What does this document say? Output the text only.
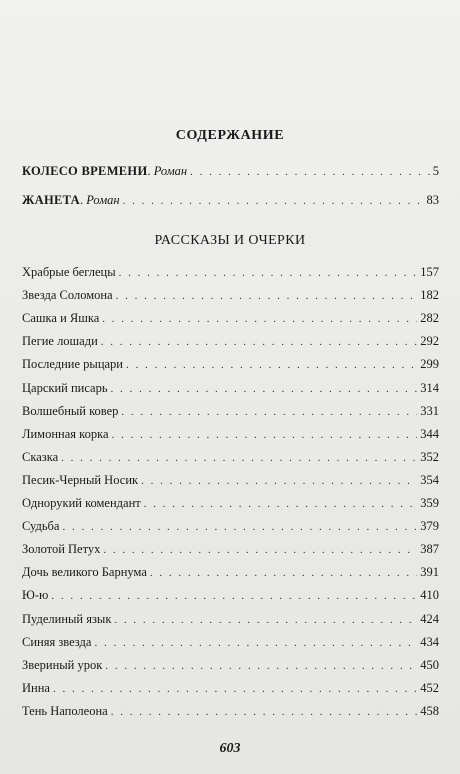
СОДЕРЖАНИЕ
КОЛЕСО ВРЕМЕНИ. Роман . . .	5
ЖАНЕТА. Роман . . .	83
РАССКАЗЫ И ОЧЕРКИ
Храбрые беглецы . . .	157
Звезда Соломона . . .	182
Сашка и Яшка . . .	282
Пегие лошади . . .	292
Последние рыцари . . .	299
Царский писарь . . .	314
Волшебный ковер . . .	331
Лимонная корка . . .	344
Сказка . . .	352
Песик-Черный Носик . . .	354
Однорукий комендант . . .	359
Судьба . . .	379
Золотой Петух . . .	387
Дочь великого Барнума . . .	391
Ю-ю . . .	410
Пуделиный язык . . .	424
Синяя звезда . . .	434
Звериный урок . . .	450
Инна . . .	452
Тень Наполеона . . .	458
603
